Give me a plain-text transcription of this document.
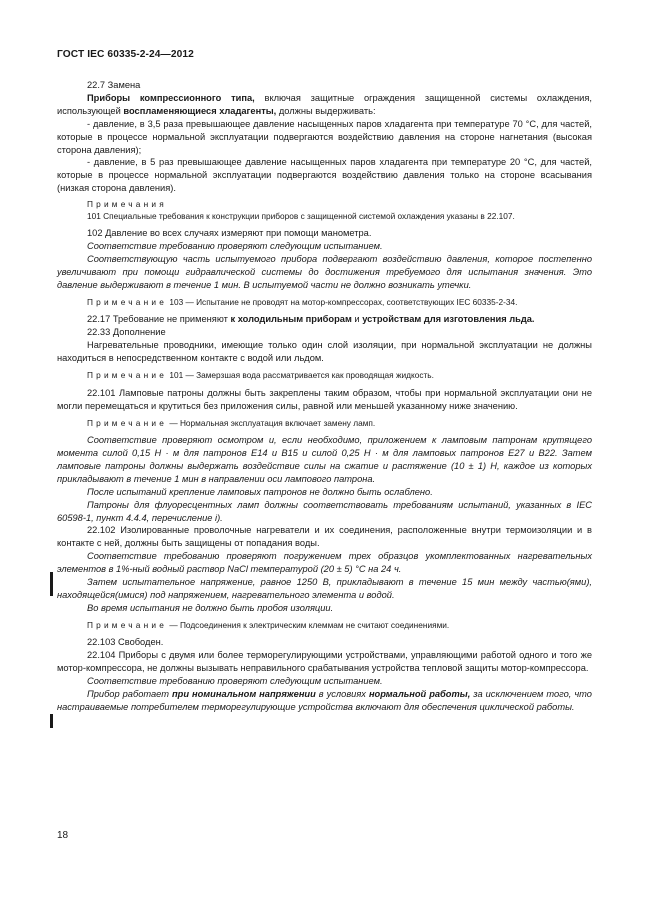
ГОСТ IEC 60335-2-24—2012

22.7 Замена

Приборы компрессионного типа, включая защитные ограждения защищенной системы охлаждения, использующей воспламеняющиеся хладагенты, должны выдерживать:

- давление, в 3,5 раза превышающее давление насыщенных паров хладагента при температуре 70 °С, для частей, которые в процессе нормальной эксплуатации подвергаются воздействию давления на стороне нагнетания (высокая сторона давления);

- давление, в 5 раз превышающее давление насыщенных паров хладагента при температуре 20 °С, для частей, которые в процессе нормальной эксплуатации подвергаются воздействию давления только на стороне всасывания (низкая сторона давления).

Примечания

101 Специальные требования к конструкции приборов с защищенной системой охлаждения указаны в 22.107.

102 Давление во всех случаях измеряют при помощи манометра.

Соответствие требованию проверяют следующим испытанием.

Соответствующую часть испытуемого прибора подвергают воздействию давления, которое постепенно увеличивают при помощи гидравлической системы до достижения требуемого для испытания значения. Это давление выдерживают в течение 1 мин. В испытуемой части не должно возникать утечки.

Примечание 103 — Испытание не проводят на мотор-компрессорах, соответствующих IEC 60335-2-34.

22.17 Требование не применяют к холодильным приборам и устройствам для изготовления льда.

22.33 Дополнение

Нагревательные проводники, имеющие только один слой изоляции, при нормальной эксплуатации не должны находиться в непосредственном контакте с водой или льдом.

Примечание 101 — Замерзшая вода рассматривается как проводящая жидкость.

22.101 Ламповые патроны должны быть закреплены таким образом, чтобы при нормальной эксплуатации они не могли перемещаться и крутиться без приложения силы, равной или меньшей указанному ниже значению.

Примечание — Нормальная эксплуатация включает замену ламп.

Соответствие проверяют осмотром и, если необходимо, приложением к ламповым патронам крутящего момента силой 0,15 Н · м для патронов Е14 и В15 и силой 0,25 Н · м для ламповых патронов Е27 и В22. Затем ламповые патроны должны выдержать воздействие силы на сжатие и растяжение (10 ± 1) Н, каждое из которых прикладывают в течение 1 мин в направлении оси лампового патрона.

После испытаний крепление ламповых патронов не должно быть ослаблено.

Патроны для флуоресцентных ламп должны соответствовать требованиям испытаний, указанных в IEC 60598-1, пункт 4.4.4, перечисление i).

22.102 Изолированные проволочные нагреватели и их соединения, расположенные внутри термоизоляции и в контакте с ней, должны быть защищены от попадания воды.

Соответствие требованию проверяют погружением трех образцов укомплектованных нагревательных элементов в 1%-ный водный раствор NaCl температурой (20 ± 5) °С на 24 ч.

Затем испытательное напряжение, равное 1250 В, прикладывают в течение 15 мин между частью(ями), находящейся(имися) под напряжением, нагревательного элемента и водой.

Во время испытания не должно быть пробоя изоляции.

Примечание — Подсоединения к электрическим клеммам не считают соединениями.

22.103 Свободен.

22.104 Приборы с двумя или более терморегулирующими устройствами, управляющими работой одного и того же мотор-компрессора, не должны вызывать неправильного срабатывания устройства тепловой защиты мотор-компрессора.

Соответствие требованию проверяют следующим испытанием.

Прибор работает при номинальном напряжении в условиях нормальной работы, за исключением того, что настраиваемые потребителем терморегулирующие устройства включают для обеспечения циклической работы.

18
